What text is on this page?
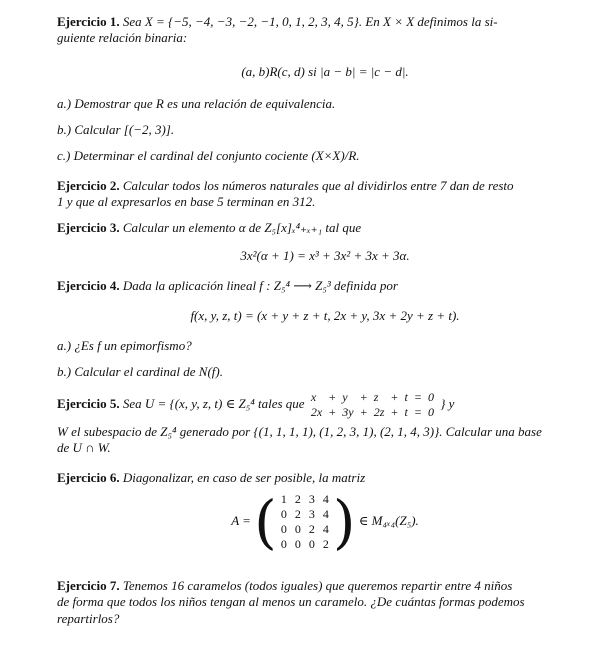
Ejercicio 1. Sea X = {−5, −4, −3, −2, −1, 0, 1, 2, 3, 4, 5}. En X × X definimos la si-
guiente relación binaria:
(a, b)R(c, d) si |a − b| = |c − d|.
a.) Demostrar que R es una relación de equivalencia.
b.) Calcular [(−2, 3)].
c.) Determinar el cardinal del conjunto cociente (X×X)/R.
Ejercicio 2. Calcular todos los números naturales que al dividirlos entre 7 dan de resto
1 y que al expresarlos en base 5 terminan en 312.
Ejercicio 3. Calcular un elemento α de Z₅[x]ₓ⁴₊ₓ₊₁ tal que
3x²(α + 1) = x³ + 3x² + 3x + 3α.
Ejercicio 4. Dada la aplicación lineal f : Z₅⁴ ⟶ Z₅³ definida por
f(x, y, z, t) = (x + y + z + t, 2x + y, 3x + 2y + z + t).
a.) ¿Es f un epimorfismo?
b.) Calcular el cardinal de N(f).
Ejercicio 5. Sea U = {(x, y, z, t) ∈ Z₅⁴ tales que x	+	y	+	z	+	t	=	0
2x	+	3y	+	2z	+	t	=	0 } y
W el subespacio de Z₅⁴ generado por {(1, 1, 1, 1), (1, 2, 3, 1), (2, 1, 4, 3)}. Calcular una base
de U ∩ W.
Ejercicio 6. Diagonalizar, en caso de ser posible, la matriz
A = ( 1	2	3	4
0	2	3	4
0	0	2	4
0	0	0	2 ) ∈ M₄ₓ₄(Z₅).
Ejercicio 7. Tenemos 16 caramelos (todos iguales) que queremos repartir entre 4 niños
de forma que todos los niños tengan al menos un caramelo. ¿De cuántas formas podemos
repartirlos?
